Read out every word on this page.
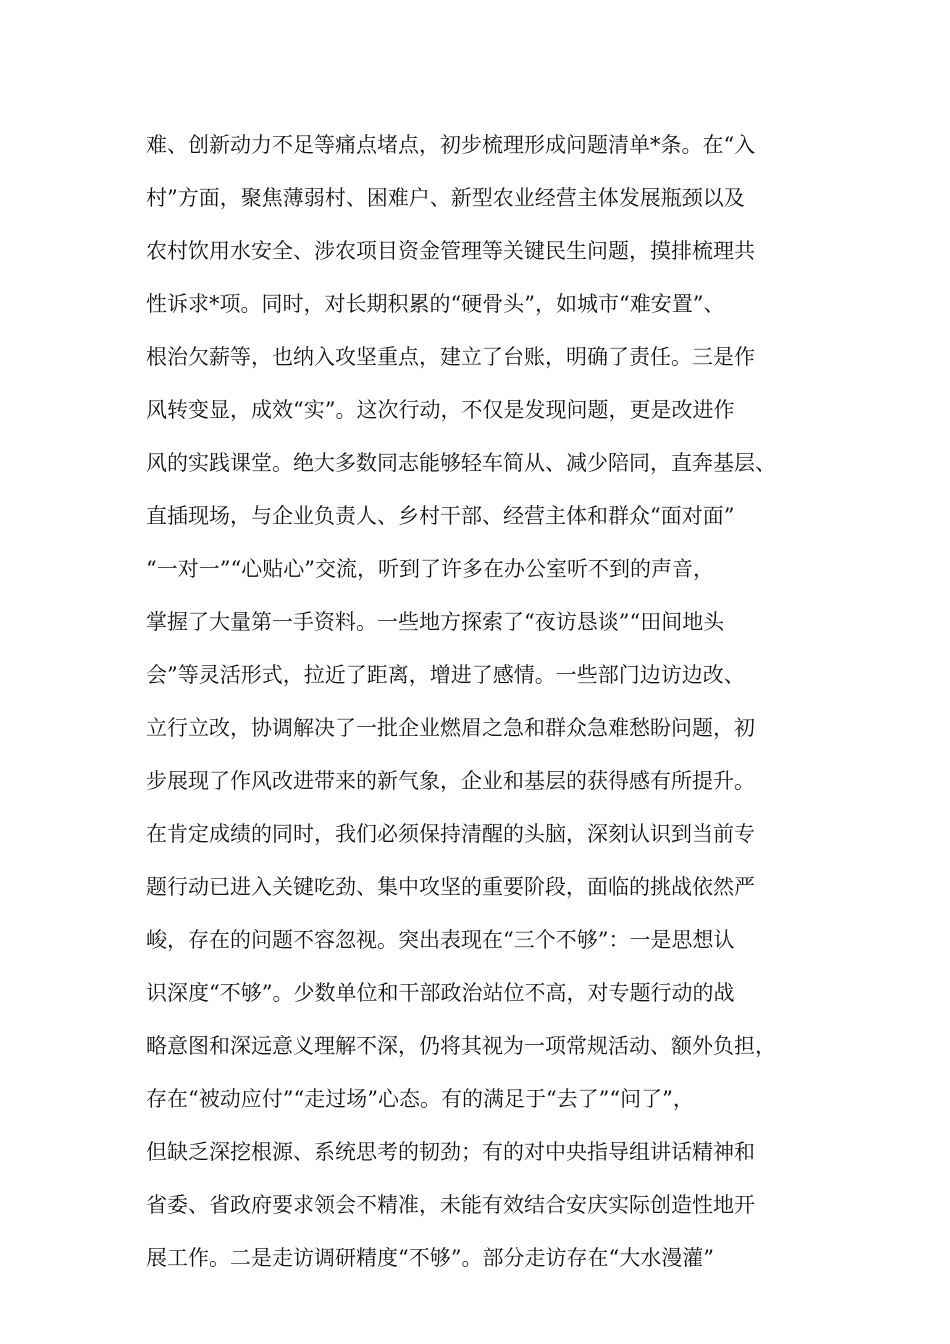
难、创新动力不足等痛点堵点，初步梳理形成问题清单*条。在“入
村”方面，聚焦薄弱村、困难户、新型农业经营主体发展瓶颈以及
农村饮用水安全、涉农项目资金管理等关键民生问题，摸排梳理共
性诉求*项。同时，对长期积累的“硬骨头”，如城市“难安置”、
根治欠薪等，也纳入攻坚重点，建立了台账，明确了责任。三是作
风转变显，成效“实”。这次行动，不仅是发现问题，更是改进作
风的实践课堂。绝大多数同志能够轻车简从、减少陪同，直奔基层、
直插现场，与企业负责人、乡村干部、经营主体和群众“面对面”
“一对一”“心贴心”交流，听到了许多在办公室听不到的声音，
掌握了大量第一手资料。一些地方探索了“夜访恳谈”“田间地头
会”等灵活形式，拉近了距离，增进了感情。一些部门边访边改、
立行立改，协调解决了一批企业燃眉之急和群众急难愁盼问题，初
步展现了作风改进带来的新气象，企业和基层的获得感有所提升。
在肯定成绩的同时，我们必须保持清醒的头脑，深刻认识到当前专
题行动已进入关键吃劲、集中攻坚的重要阶段，面临的挑战依然严
峻，存在的问题不容忽视。突出表现在“三个不够”：一是思想认
识深度“不够”。少数单位和干部政治站位不高，对专题行动的战
略意图和深远意义理解不深，仍将其视为一项常规活动、额外负担，
存在“被动应付”“走过场”心态。有的满足于“去了”“问了”，
但缺乏深挖根源、系统思考的韧劲；有的对中央指导组讲话精神和
省委、省政府要求领会不精准，未能有效结合安庆实际创造性地开
展工作。二是走访调研精度“不够”。部分走访存在“大水漫灌”
